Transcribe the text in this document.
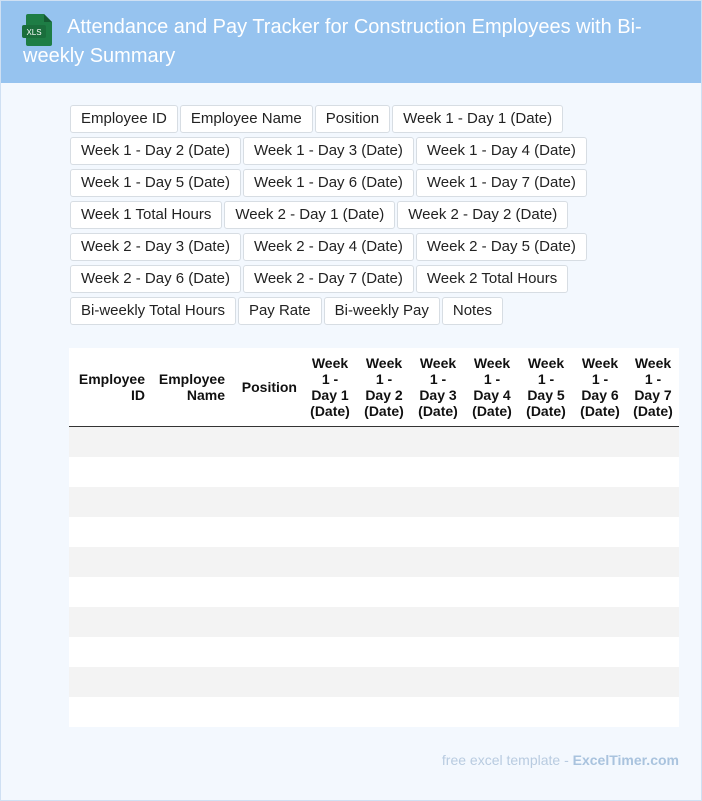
XLS	Attendance and Pay Tracker for Construction Employees with Bi-weekly Summary
Employee ID	Employee Name	Position	Week 1 - Day 1 (Date)
Week 1 - Day 2 (Date)	Week 1 - Day 3 (Date)	Week 1 - Day 4 (Date)
Week 1 - Day 5 (Date)	Week 1 - Day 6 (Date)	Week 1 - Day 7 (Date)
Week 1 Total Hours	Week 2 - Day 1 (Date)	Week 2 - Day 2 (Date)
Week 2 - Day 3 (Date)	Week 2 - Day 4 (Date)	Week 2 - Day 5 (Date)
Week 2 - Day 6 (Date)	Week 2 - Day 7 (Date)	Week 2 Total Hours
Bi-weekly Total Hours	Pay Rate	Bi-weekly Pay	Notes
Employee ID	Employee Name	Position	Week 1 - Day 1 (Date)	Week 1 - Day 2 (Date)	Week 1 - Day 3 (Date)	Week 1 - Day 4 (Date)	Week 1 - Day 5 (Date)	Week 1 - Day 6 (Date)	Week 1 - Day 7 (Date)

free excel template - ExcelTimer.com
